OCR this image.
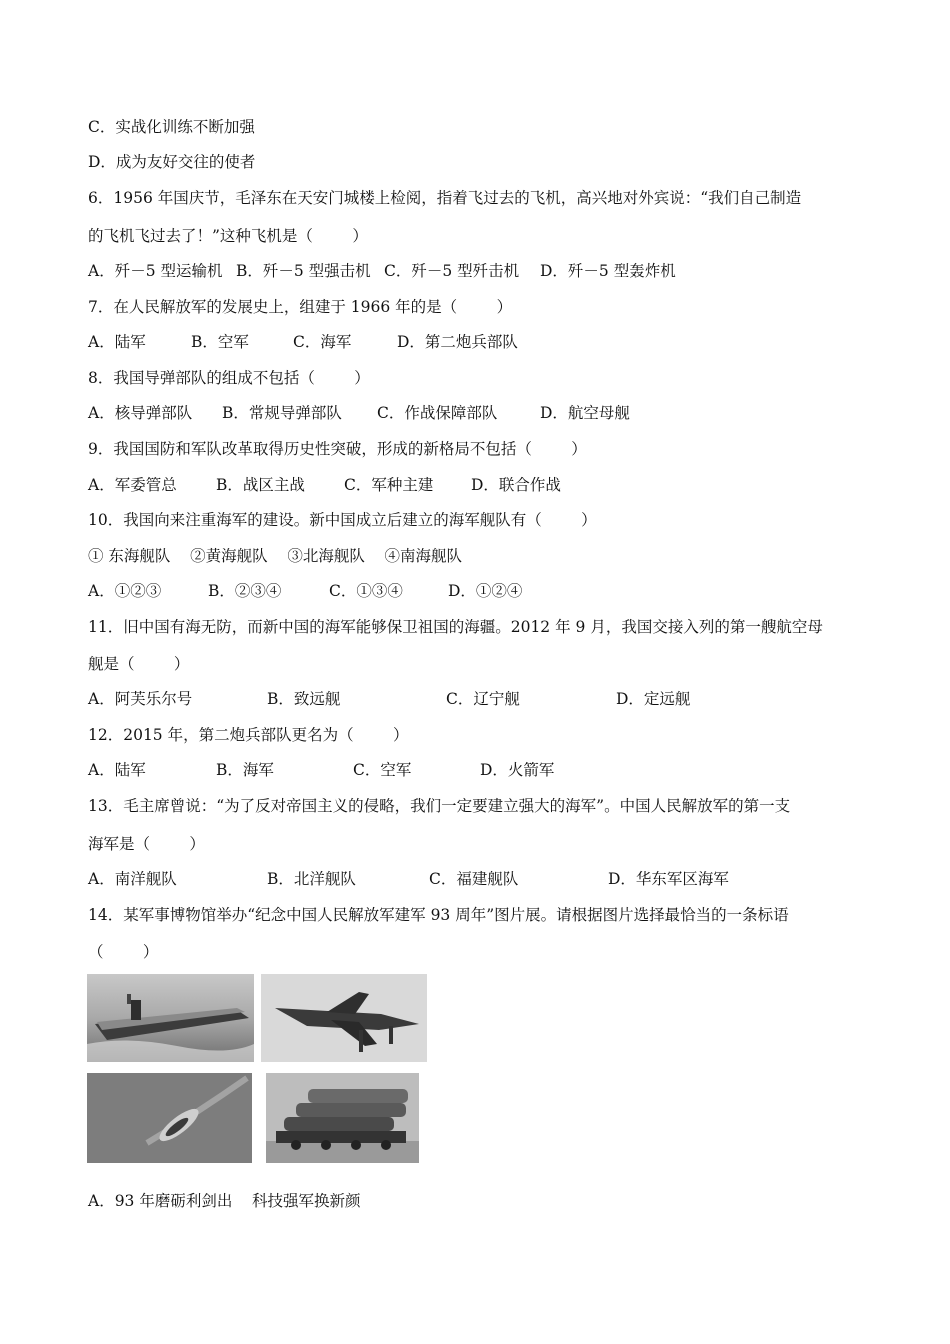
C．实战化训练不断加强
D．成为友好交往的使者
6．1956 年国庆节，毛泽东在天安门城楼上检阅，指着飞过去的飞机，高兴地对外宾说：“我们自己制造
的飞机飞过去了！”这种飞机是（        ）
A．歼－5 型运输机 B．歼－5 型强击机 C．歼－5 型歼击机 D．歼－5 型轰炸机
7．在人民解放军的发展史上，组建于 1966 年的是（        ）
A．陆军	B．空军	C．海军	D．第二炮兵部队
8．我国导弹部队的组成不包括（        ）
A．核导弹部队 B．常规导弹部队 C．作战保障部队	D．航空母舰
9．我国国防和军队改革取得历史性突破，形成的新格局不包括（        ）
A．军委管总	B．战区主战	C．军种主建 D．联合作战
10．我国向来注重海军的建设。新中国成立后建立的海军舰队有（        ）
① 东海舰队    ②黄海舰队    ③北海舰队    ④南海舰队
A．①②③	B．②③④	C．①③④	D．①②④
11．旧中国有海无防，而新中国的海军能够保卫祖国的海疆。2012 年 9 月，我国交接入列的第一艘航空母
舰是（        ）
A．阿芙乐尔号	B．致远舰	C．辽宁舰	D．定远舰
12．2015 年，第二炮兵部队更名为（        ）
A．陆军	B．海军	C．空军	D．火箭军
13．毛主席曾说：“为了反对帝国主义的侵略，我们一定要建立强大的海军”。中国人民解放军的第一支
海军是（        ）
A．南洋舰队	B．北洋舰队	C．福建舰队	D．华东军区海军
14．某军事博物馆举办“纪念中国人民解放军建军 93 周年”图片展。请根据图片选择最恰当的一条标语
（        ）
A．93 年磨砺利剑出    科技强军换新颜
